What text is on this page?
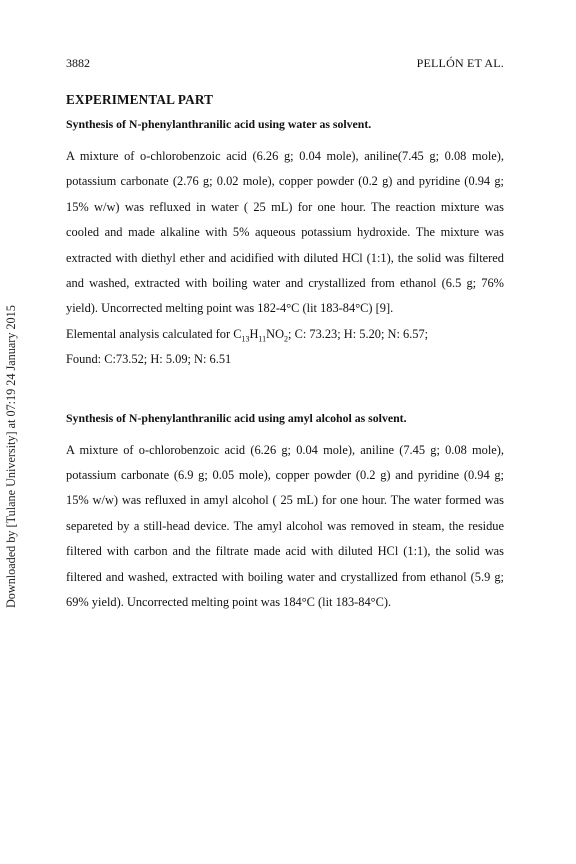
3882	PELLÓN ET AL.
Downloaded by [Tulane University] at 07:19 24 January 2015
EXPERIMENTAL PART
Synthesis of N-phenylanthranilic acid using water as solvent.

A mixture of o-chlorobenzoic acid (6.26 g; 0.04 mole), aniline(7.45 g; 0.08 mole), potassium carbonate (2.76 g; 0.02 mole), copper powder (0.2 g) and pyridine (0.94 g; 15% w/w) was refluxed in water ( 25 mL) for one hour. The reaction mixture was cooled and made alkaline with 5% aqueous potassium hydroxide. The mixture was extracted with diethyl ether and acidified with diluted HCl (1:1), the solid was filtered and washed, extracted with boiling water and crystallized from ethanol (6.5 g; 76% yield). Uncorrected melting point was 182-4°C (lit 183-84°C) [9].

Elemental analysis calculated for $C_{13}H_{11}NO_2$; C: 73.23; H: 5.20; N: 6.57;

Found: C:73.52; H: 5.09; N: 6.51

Synthesis of N-phenylanthranilic acid using amyl alcohol as solvent.

A mixture of o-chlorobenzoic acid (6.26 g; 0.04 mole), aniline (7.45 g; 0.08 mole), potassium carbonate (6.9 g; 0.05 mole), copper powder (0.2 g) and pyridine (0.94 g; 15% w/w) was refluxed in amyl alcohol ( 25 mL) for one hour. The water formed was separeted by a still-head device. The amyl alcohol was removed in steam, the residue filtered with carbon and the filtrate made acid with diluted HCl (1:1), the solid was filtered and washed, extracted with boiling water and crystallized from ethanol (5.9 g; 69% yield). Uncorrected melting point was 184°C (lit 183-84°C).
